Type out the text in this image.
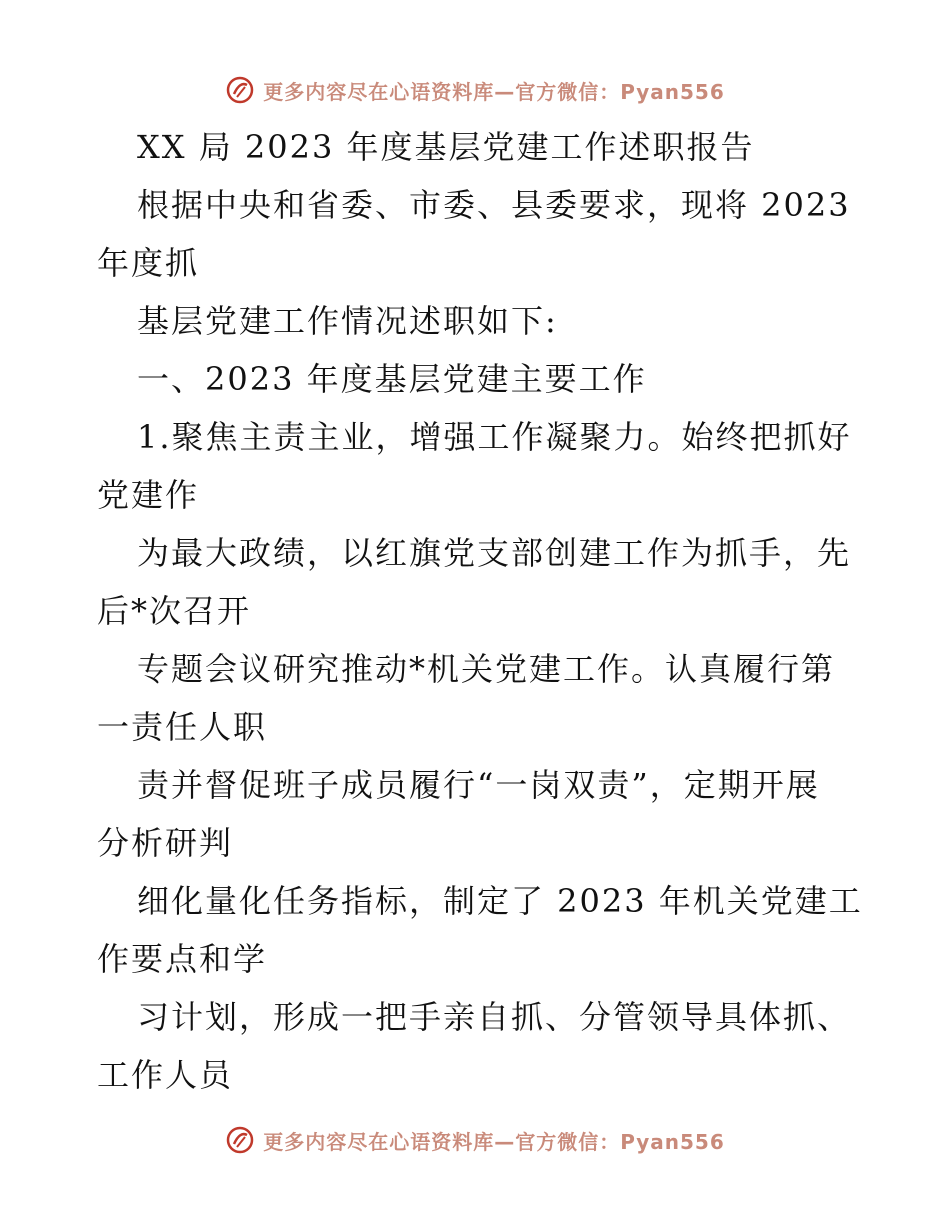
更多内容尽在心语资料库—官方微信：Pyan556
XX 局 2023 年度基层党建工作述职报告
根据中央和省委、市委、县委要求，现将 2023
年度抓
基层党建工作情况述职如下:
一、2023 年度基层党建主要工作
1.聚焦主责主业，增强工作凝聚力。始终把抓好
党建作
为最大政绩，以红旗党支部创建工作为抓手，先
后*次召开
专题会议研究推动*机关党建工作。认真履行第
一责任人职
责并督促班子成员履行“一岗双责”，定期开展
分析研判
细化量化任务指标，制定了 2023 年机关党建工
作要点和学
习计划，形成一把手亲自抓、分管领导具体抓、
工作人员
更多内容尽在心语资料库—官方微信：Pyan556
